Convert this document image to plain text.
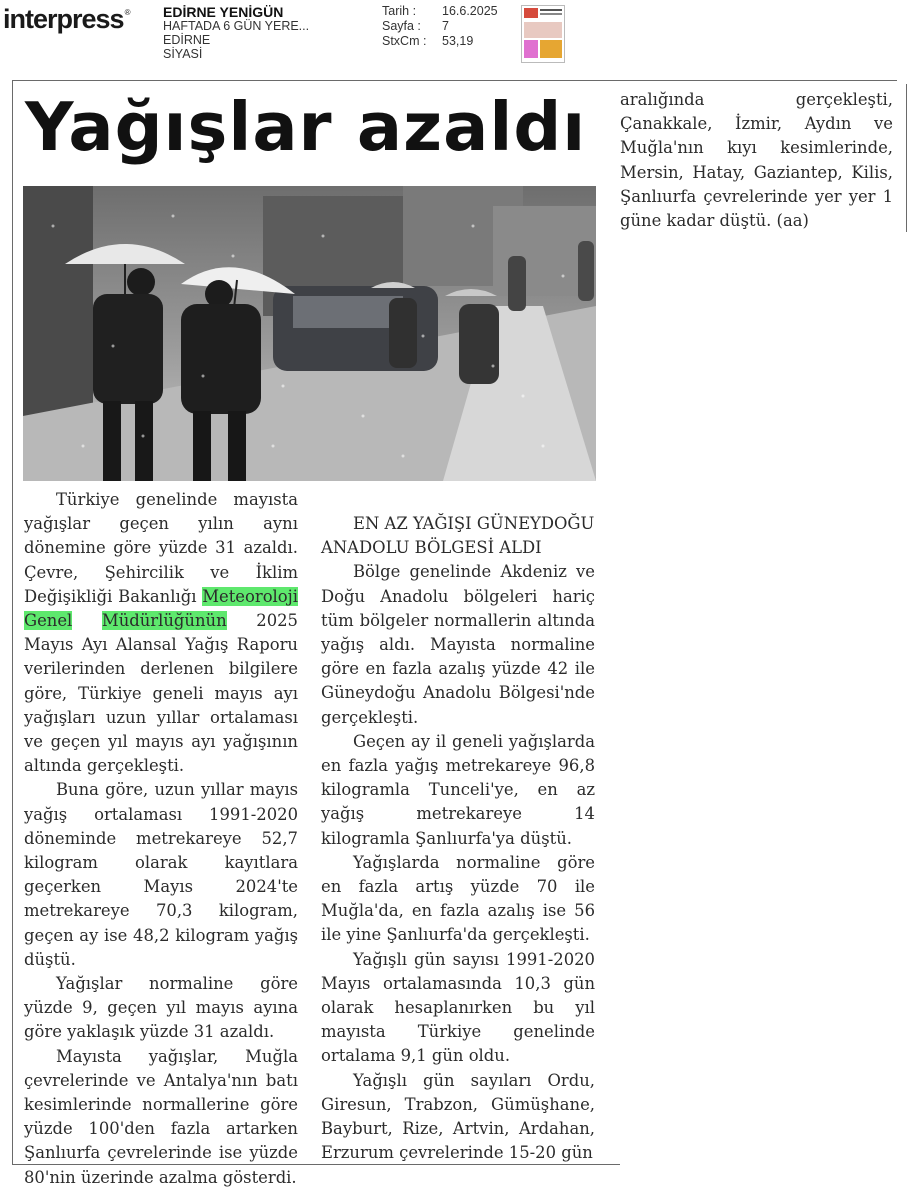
interpress® EDİRNE YENİGÜN
HAFTADA 6 GÜN YERE...
EDİRNE
SİYASİ
Tarih :	16.6.2025
Sayfa :	7
StxCm :	53,19
Yağışlar azaldı

Türkiye genelinde mayısta yağışlar geçen yılın aynı dönemine göre yüzde 31 azaldı. Çevre, Şehircilik ve İklim Değişikliği Bakanlığı Meteoroloji Genel Müdürlüğünün 2025 Mayıs Ayı Alansal Yağış Raporu verilerinden derlenen bilgilere göre, Türkiye geneli mayıs ayı yağışları uzun yıllar ortalaması ve geçen yıl mayıs ayı yağışının altında gerçekleşti.

Buna göre, uzun yıllar mayıs yağış ortalaması 1991-2020 döneminde metrekareye 52,7 kilogram olarak kayıtlara geçerken Mayıs 2024'te metrekareye 70,3 kilogram, geçen ay ise 48,2 kilogram yağış düştü.

Yağışlar normaline göre yüzde 9, geçen yıl mayıs ayına göre yaklaşık yüzde 31 azaldı.

Mayısta yağışlar, Muğla çevrelerinde ve Antalya'nın batı kesimlerinde normallerine göre yüzde 100'den fazla artarken Şanlıurfa çevrelerinde ise yüzde 80'nin üzerinde azalma gösterdi.

EN AZ YAĞIŞI GÜNEYDOĞU ANADOLU BÖLGESİ ALDI

Bölge genelinde Akdeniz ve Doğu Anadolu bölgeleri hariç tüm bölgeler normallerin altında yağış aldı. Mayısta normaline göre en fazla azalış yüzde 42 ile Güneydoğu Anadolu Bölgesi'nde gerçekleşti.

Geçen ay il geneli yağışlarda en fazla yağış metrekareye 96,8 kilogramla Tunceli'ye, en az yağış metrekareye 14 kilogramla Şanlıurfa'ya düştü.

Yağışlarda normaline göre en fazla artış yüzde 70 ile Muğla'da, en fazla azalış ise 56 ile yine Şanlıurfa'da gerçekleşti.

Yağışlı gün sayısı 1991-2020 Mayıs ortalamasında 10,3 gün olarak hesaplanırken bu yıl mayısta Türkiye genelinde ortalama 9,1 gün oldu.

Yağışlı gün sayıları Ordu, Giresun, Trabzon, Gümüşhane, Bayburt, Rize, Artvin, Ardahan, Erzurum çevrelerinde 15-20 gün

aralığında gerçekleşti, Çanakkale, İzmir, Aydın ve Muğla'nın kıyı kesimlerinde, Mersin, Hatay, Gaziantep, Kilis, Şanlıurfa çevrelerinde yer yer 1 güne kadar düştü. (aa)
